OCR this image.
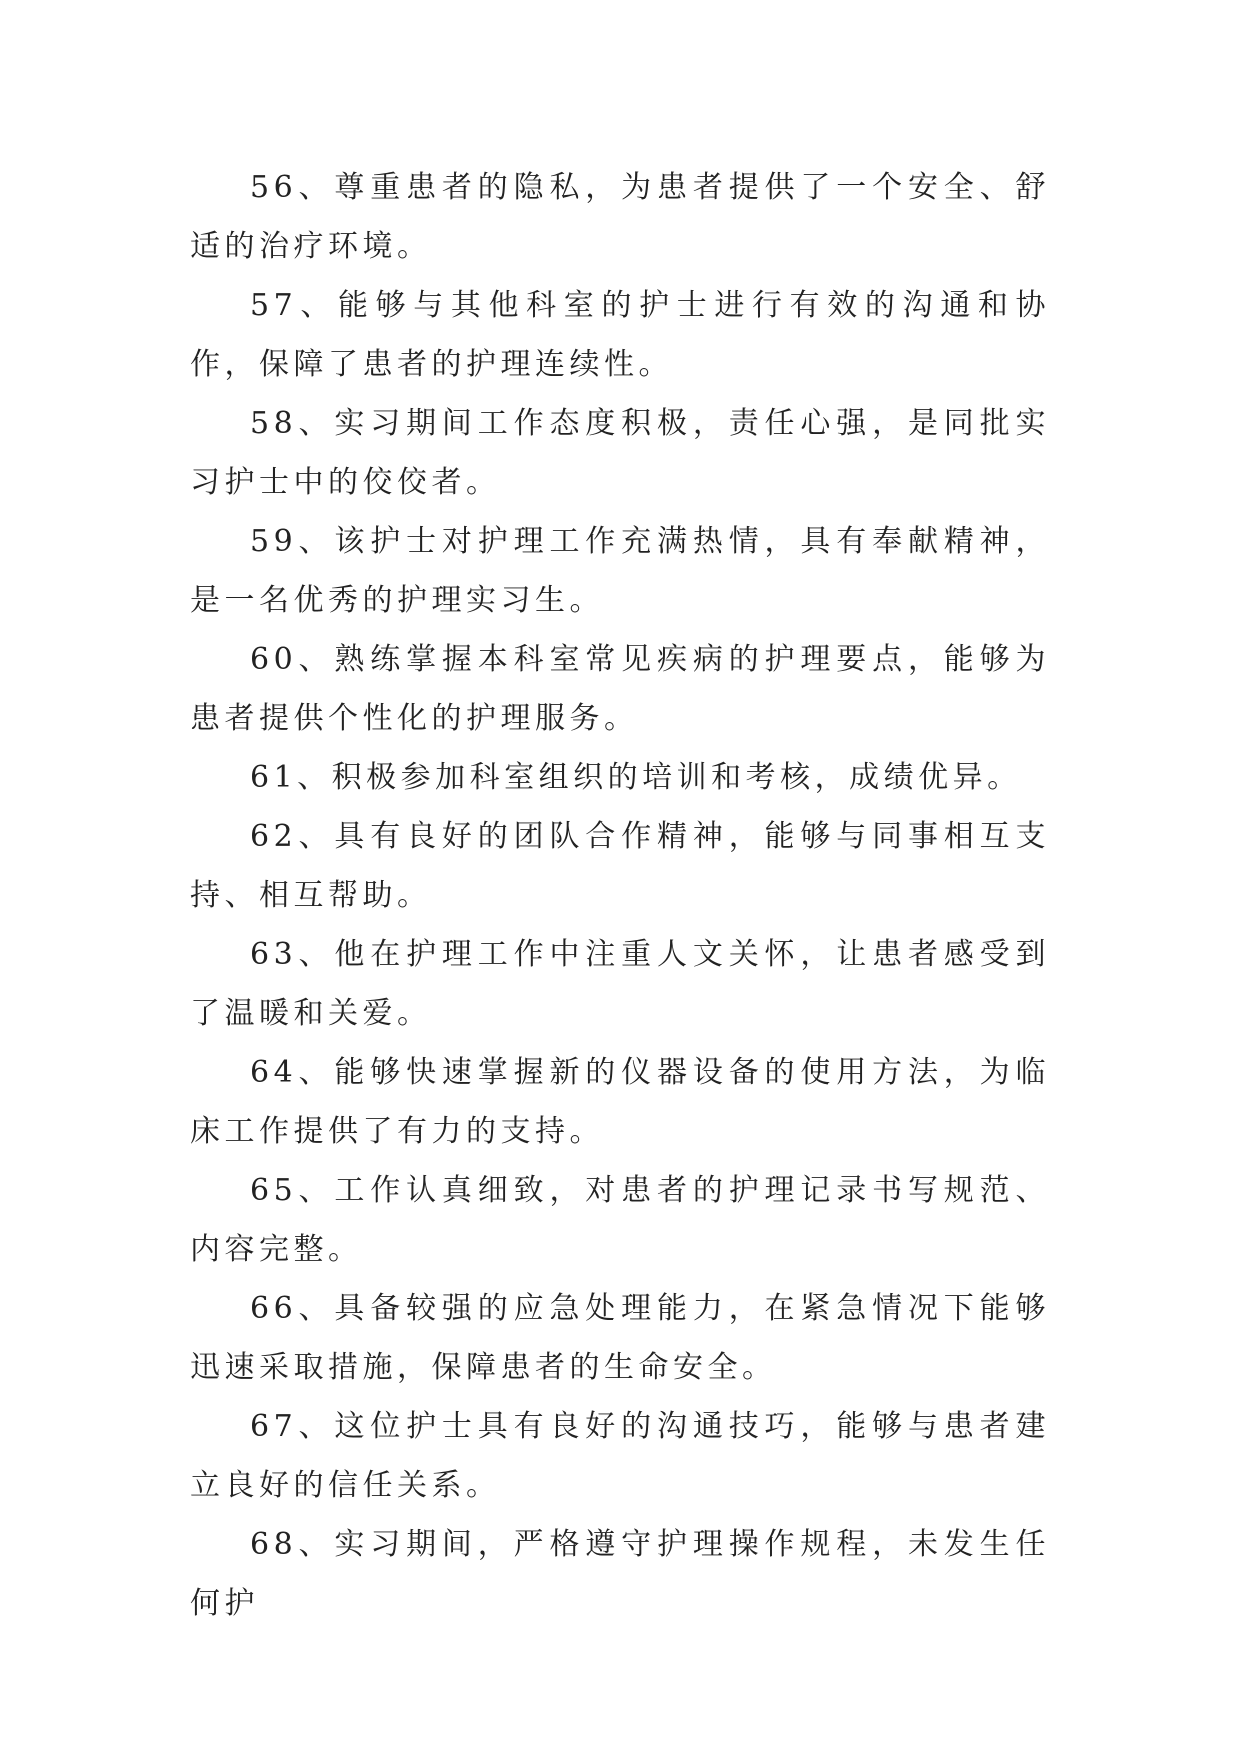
56、尊重患者的隐私，为患者提供了一个安全、舒适的治疗环境。

57、能够与其他科室的护士进行有效的沟通和协作，保障了患者的护理连续性。

58、实习期间工作态度积极，责任心强，是同批实习护士中的佼佼者。

59、该护士对护理工作充满热情，具有奉献精神，是一名优秀的护理实习生。

60、熟练掌握本科室常见疾病的护理要点，能够为患者提供个性化的护理服务。

61、积极参加科室组织的培训和考核，成绩优异。

62、具有良好的团队合作精神，能够与同事相互支持、相互帮助。

63、他在护理工作中注重人文关怀，让患者感受到了温暖和关爱。

64、能够快速掌握新的仪器设备的使用方法，为临床工作提供了有力的支持。

65、工作认真细致，对患者的护理记录书写规范、内容完整。

66、具备较强的应急处理能力，在紧急情况下能够迅速采取措施，保障患者的生命安全。

67、这位护士具有良好的沟通技巧，能够与患者建立良好的信任关系。

68、实习期间，严格遵守护理操作规程，未发生任何护
